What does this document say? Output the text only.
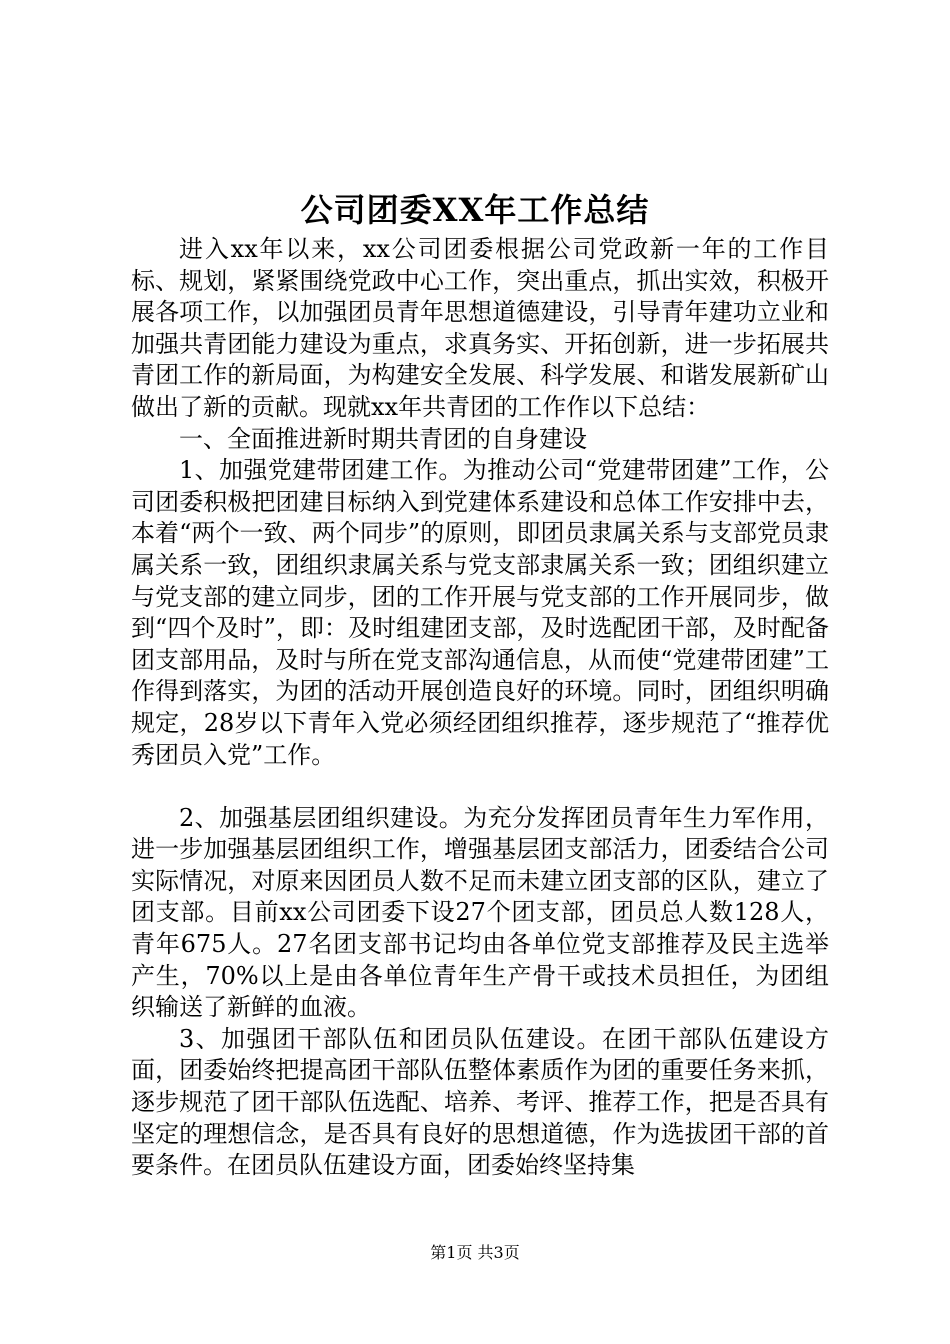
公司团委XX年工作总结

进入xx年以来，xx公司团委根据公司党政新一年的工作目标、规划，紧紧围绕党政中心工作，突出重点，抓出实效，积极开展各项工作，以加强团员青年思想道德建设，引导青年建功立业和加强共青团能力建设为重点，求真务实、开拓创新，进一步拓展共青团工作的新局面，为构建安全发展、科学发展、和谐发展新矿山做出了新的贡献。现就xx年共青团的工作作以下总结：

一、全面推进新时期共青团的自身建设

1、加强党建带团建工作。为推动公司“党建带团建”工作，公司团委积极把团建目标纳入到党建体系建设和总体工作安排中去，本着“两个一致、两个同步”的原则，即团员隶属关系与支部党员隶属关系一致，团组织隶属关系与党支部隶属关系一致；团组织建立与党支部的建立同步，团的工作开展与党支部的工作开展同步，做到“四个及时”，即：及时组建团支部，及时选配团干部，及时配备团支部用品，及时与所在党支部沟通信息，从而使“党建带团建”工作得到落实，为团的活动开展创造良好的环境。同时，团组织明确规定，28岁以下青年入党必须经团组织推荐，逐步规范了“推荐优秀团员入党”工作。

2、加强基层团组织建设。为充分发挥团员青年生力军作用，进一步加强基层团组织工作，增强基层团支部活力，团委结合公司实际情况，对原来因团员人数不足而未建立团支部的区队，建立了团支部。目前xx公司团委下设27个团支部，团员总人数128人，青年675人。27名团支部书记均由各单位党支部推荐及民主选举产生，70%以上是由各单位青年生产骨干或技术员担任，为团组织输送了新鲜的血液。

3、加强团干部队伍和团员队伍建设。在团干部队伍建设方面，团委始终把提高团干部队伍整体素质作为团的重要任务来抓，逐步规范了团干部队伍选配、培养、考评、推荐工作，把是否具有坚定的理想信念，是否具有良好的思想道德，作为选拔团干部的首要条件。在团员队伍建设方面，团委始终坚持集

第1页 共3页
